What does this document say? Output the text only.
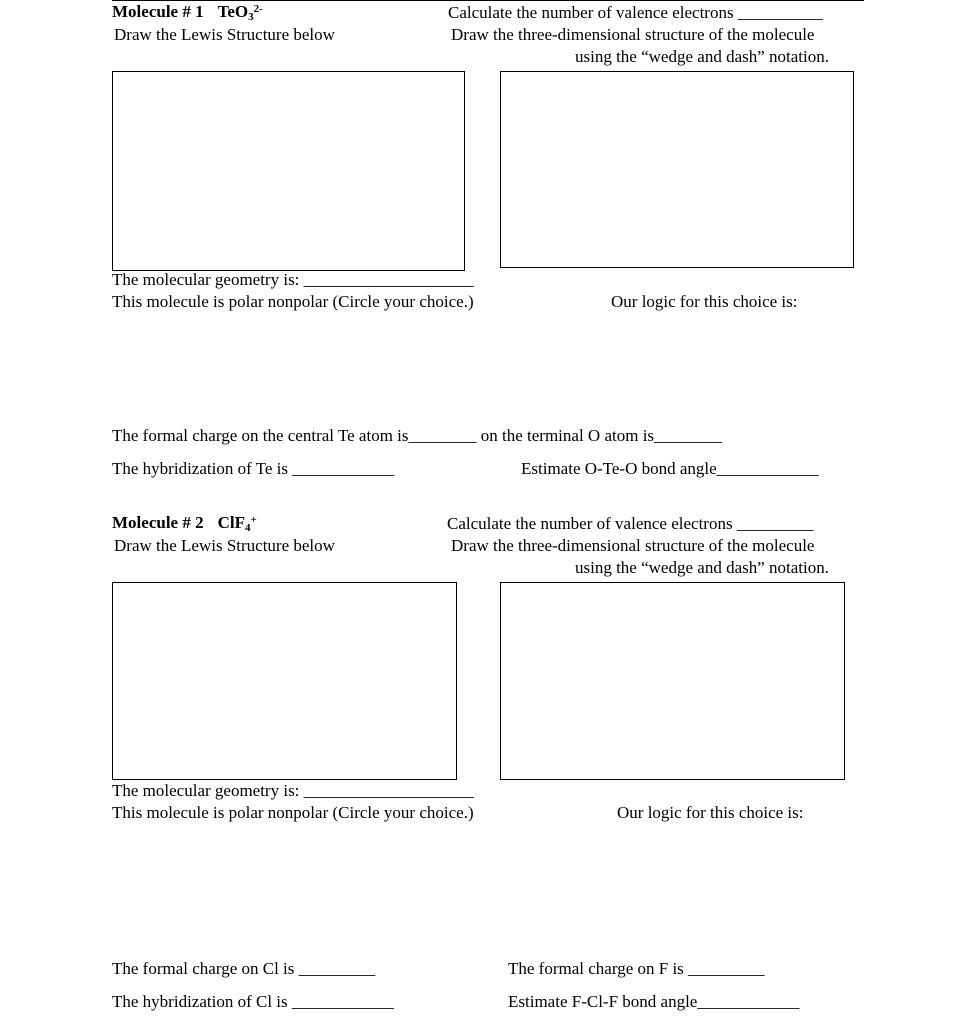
Molecule # 1 TeO$_3^{2-}$	Calculate the number of valence electrons __________
Draw the Lewis Structure below	Draw the three-dimensional structure of the molecule
using the “wedge and dash” notation.
The molecular geometry is: ____________________
This molecule is polar nonpolar (Circle your choice.)	Our logic for this choice is:
The formal charge on the central Te atom is________ on the terminal O atom is________
The hybridization of Te is ____________	Estimate O-Te-O bond angle____________
Molecule # 2 ClF$_4$+	Calculate the number of valence electrons _________
Draw the Lewis Structure below	Draw the three-dimensional structure of the molecule
using the “wedge and dash” notation.
The molecular geometry is: ____________________
This molecule is polar nonpolar (Circle your choice.)	Our logic for this choice is:
The formal charge on Cl is _________	The formal charge on F is _________
The hybridization of Cl is ____________	Estimate F-Cl-F bond angle____________
